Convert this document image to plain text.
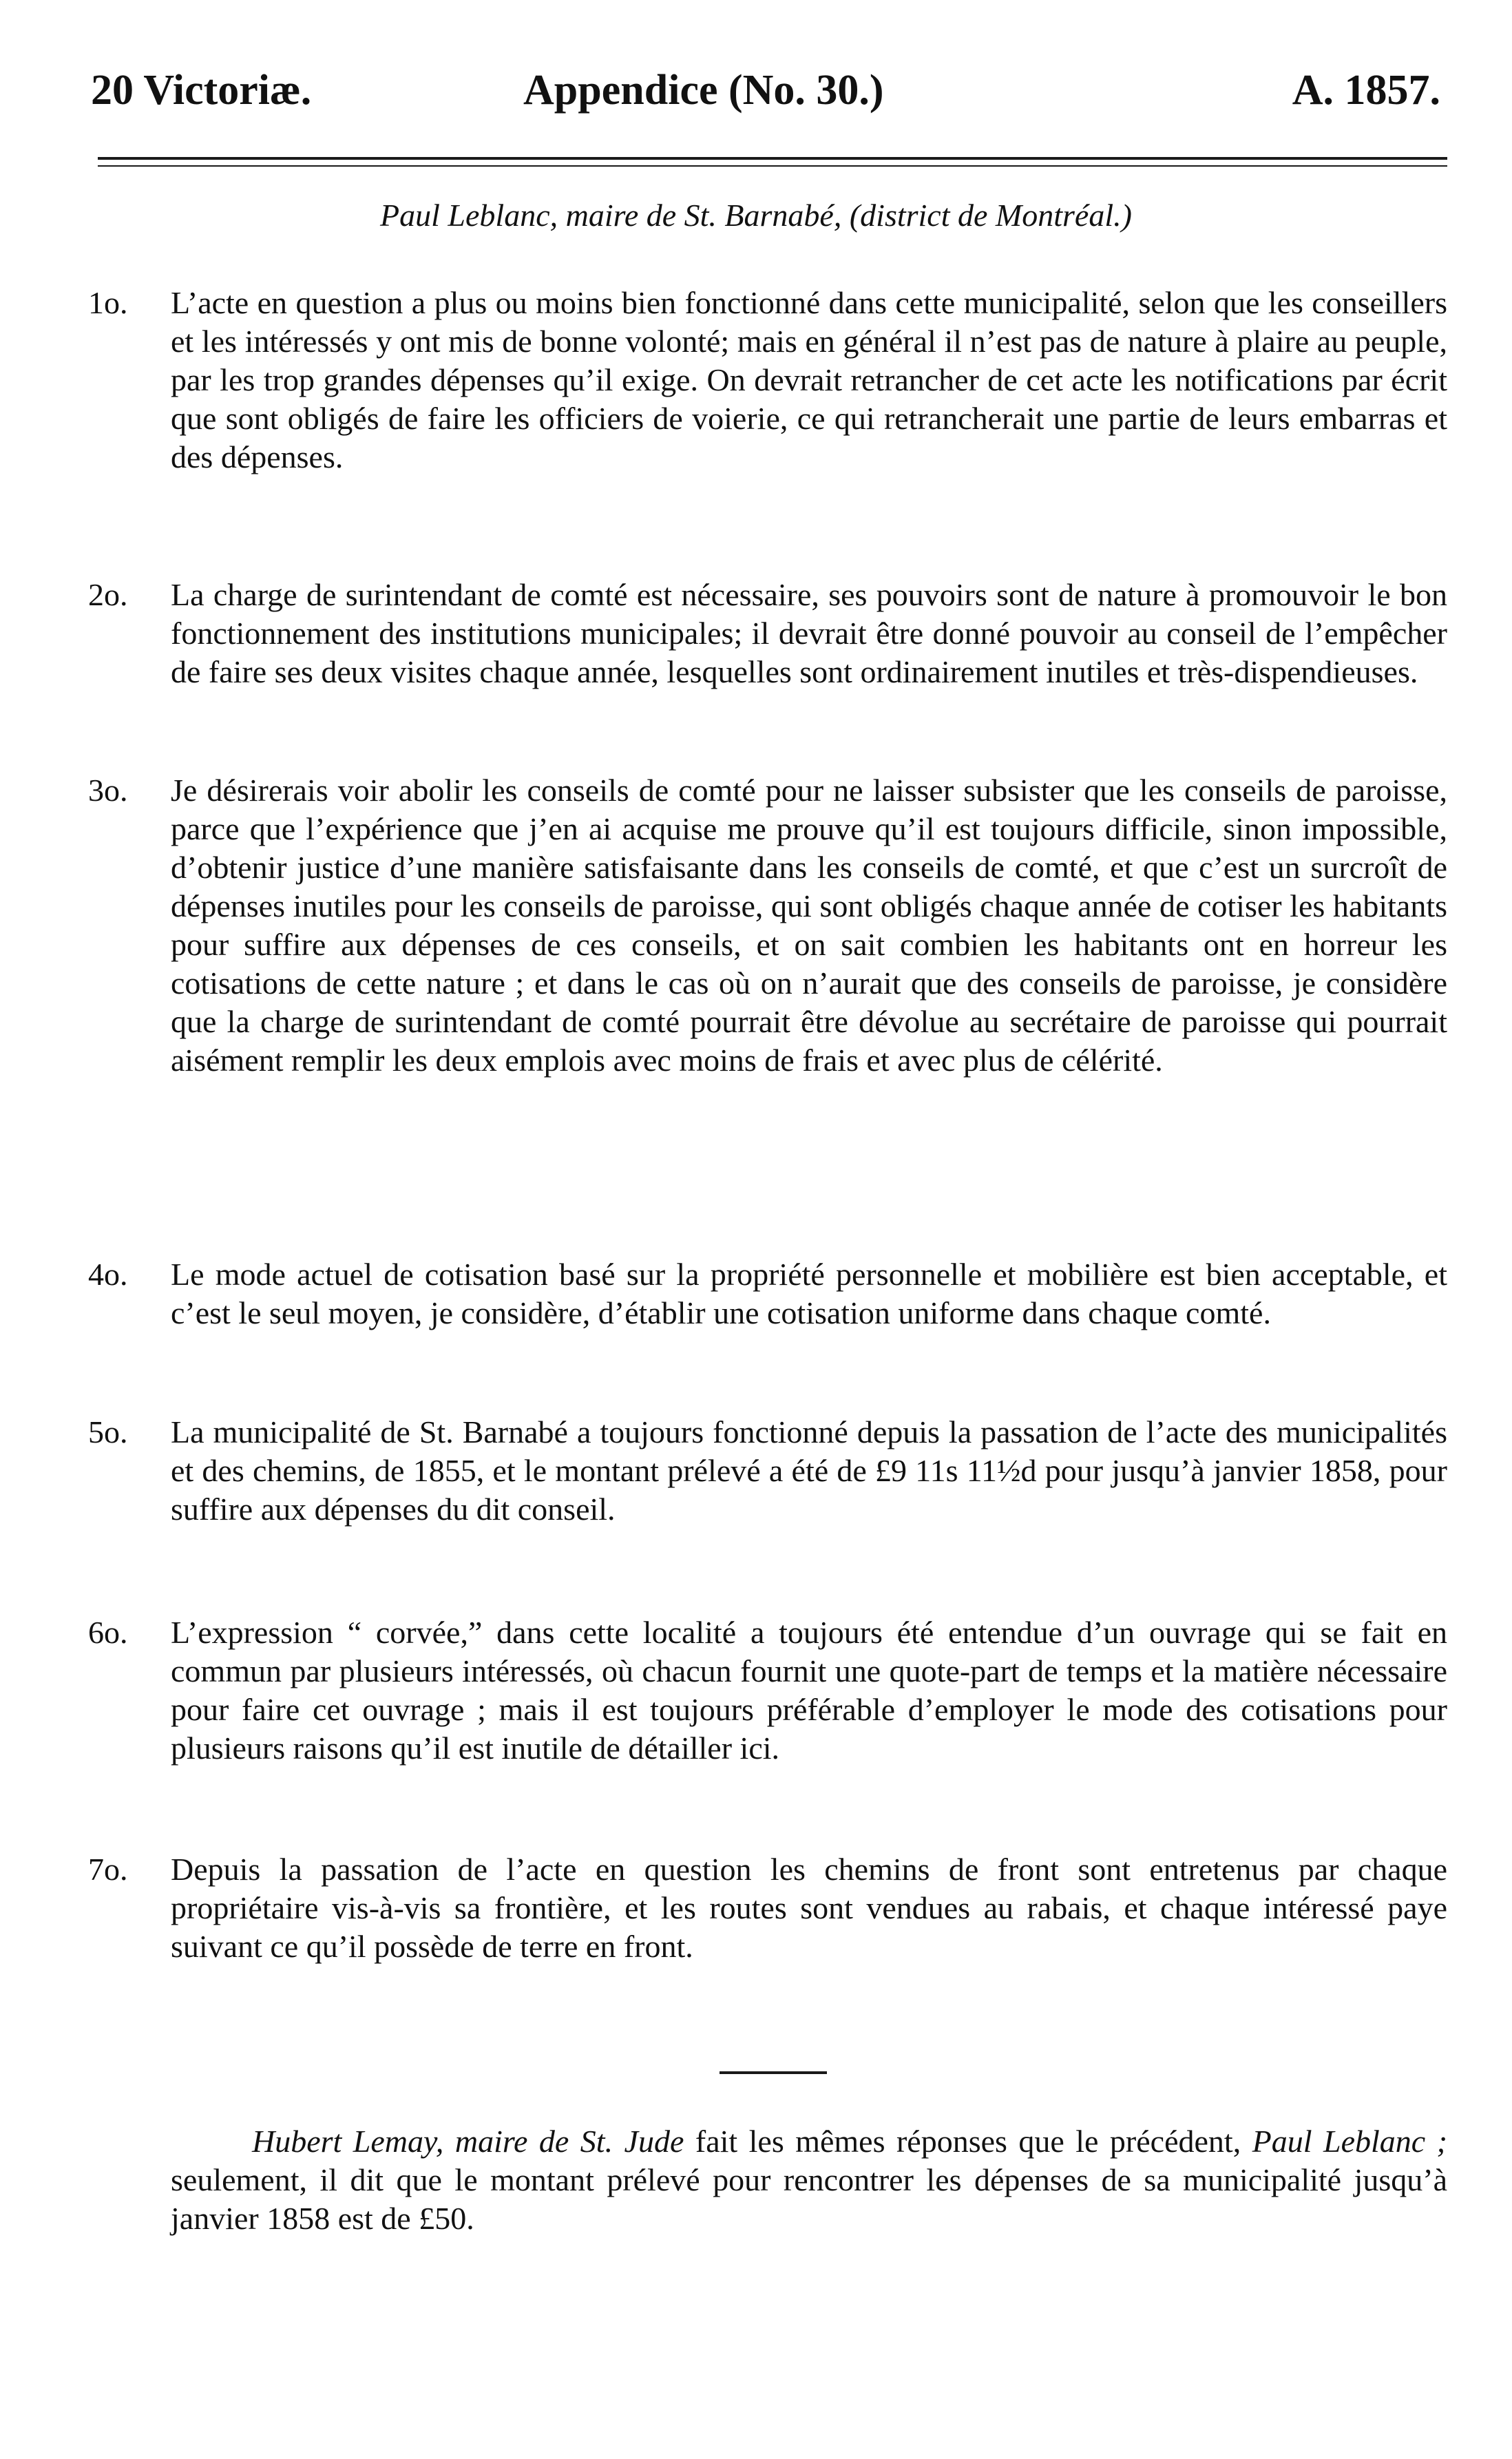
20 Victoriæ.	Appendice (No. 30.)	A. 1857.
Paul Leblanc, maire de St. Barnabé, (district de Montréal.)
1o. L’acte en question a plus ou moins bien fonctionné dans cette municipalité, selon que les conseillers et les intéressés y ont mis de bonne volonté; mais en général il n’est pas de nature à plaire au peuple, par les trop grandes dépenses qu’il exige. On devrait retrancher de cet acte les notifications par écrit que sont obligés de faire les officiers de voierie, ce qui retrancherait une partie de leurs embarras et des dépenses.
2o. La charge de surintendant de comté est nécessaire, ses pouvoirs sont de nature à promouvoir le bon fonctionnement des institutions municipales; il devrait être donné pouvoir au conseil de l’empêcher de faire ses deux visites chaque année, lesquelles sont ordinairement inutiles et très-dispendieuses.
3o. Je désirerais voir abolir les conseils de comté pour ne laisser subsister que les conseils de paroisse, parce que l’expérience que j’en ai acquise me prouve qu’il est toujours difficile, sinon impossible, d’obtenir justice d’une manière satisfaisante dans les conseils de comté, et que c’est un surcroît de dépenses inutiles pour les conseils de paroisse, qui sont obligés chaque année de cotiser les habitants pour suffire aux dépenses de ces conseils, et on sait combien les habitants ont en horreur les cotisations de cette nature ; et dans le cas où on n’aurait que des conseils de paroisse, je considère que la charge de surintendant de comté pourrait être dévolue au secrétaire de paroisse qui pourrait aisément remplir les deux emplois avec moins de frais et avec plus de célérité.
4o. Le mode actuel de cotisation basé sur la propriété personnelle et mobilière est bien acceptable, et c’est le seul moyen, je considère, d’établir une cotisation uniforme dans chaque comté.
5o. La municipalité de St. Barnabé a toujours fonctionné depuis la passation de l’acte des municipalités et des chemins, de 1855, et le montant prélevé a été de £9 11s 11½d pour jusqu’à janvier 1858, pour suffire aux dépenses du dit conseil.
6o. L’expression “ corvée,” dans cette localité a toujours été entendue d’un ouvrage qui se fait en commun par plusieurs intéressés, où chacun fournit une quote-part de temps et la matière nécessaire pour faire cet ouvrage ; mais il est toujours préférable d’employer le mode des cotisations pour plusieurs raisons qu’il est inutile de détailler ici.
7o. Depuis la passation de l’acte en question les chemins de front sont entretenus par chaque propriétaire vis-à-vis sa frontière, et les routes sont vendues au rabais, et chaque intéressé paye suivant ce qu’il possède de terre en front.
Hubert Lemay, maire de St. Jude fait les mêmes réponses que le précédent, Paul Leblanc ; seulement, il dit que le montant prélevé pour rencontrer les dépenses de sa municipalité jusqu’à janvier 1858 est de £50.
